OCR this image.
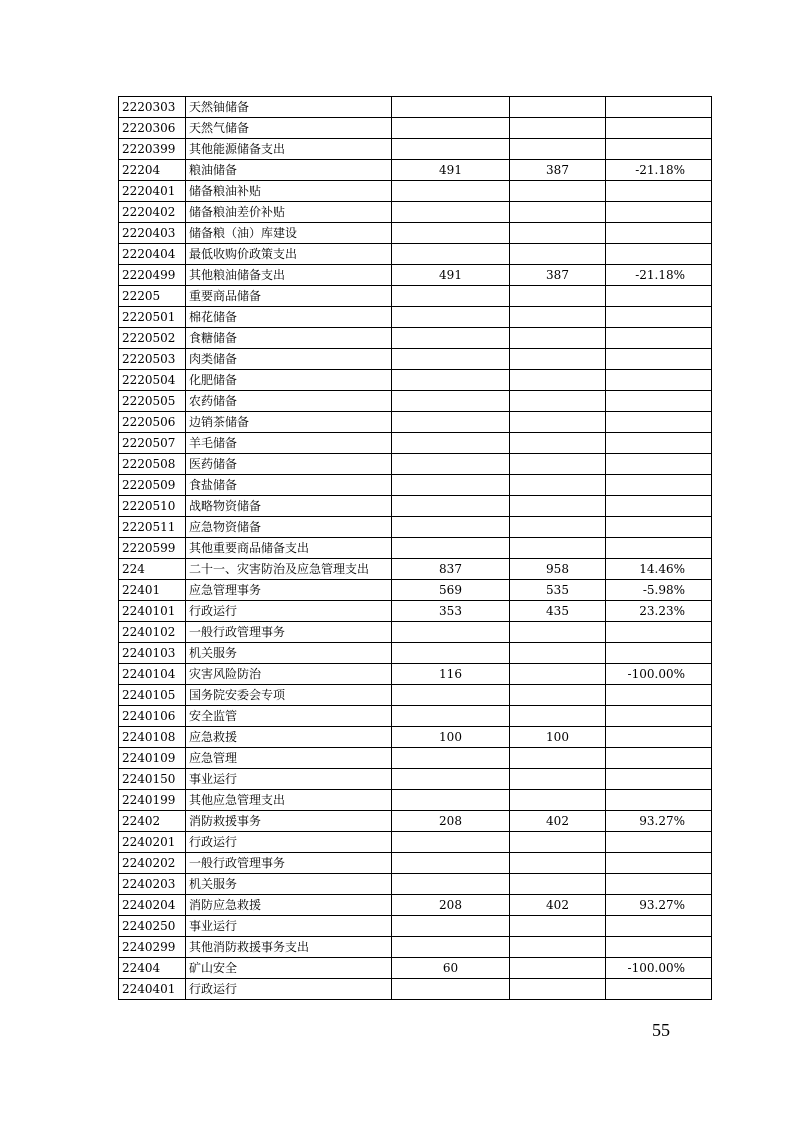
2220303	天然铀储备			
2220306	天然气储备			
2220399	其他能源储备支出			
22204	粮油储备	491	387	-21.18%
2220401	储备粮油补贴			
2220402	储备粮油差价补贴			
2220403	储备粮（油）库建设			
2220404	最低收购价政策支出			
2220499	其他粮油储备支出	491	387	-21.18%
22205	重要商品储备			
2220501	棉花储备			
2220502	食糖储备			
2220503	肉类储备			
2220504	化肥储备			
2220505	农药储备			
2220506	边销茶储备			
2220507	羊毛储备			
2220508	医药储备			
2220509	食盐储备			
2220510	战略物资储备			
2220511	应急物资储备			
2220599	其他重要商品储备支出			
224	二十一、灾害防治及应急管理支出	837	958	14.46%
22401	应急管理事务	569	535	-5.98%
2240101	行政运行	353	435	23.23%
2240102	一般行政管理事务			
2240103	机关服务			
2240104	灾害风险防治	116		-100.00%
2240105	国务院安委会专项			
2240106	安全监管			
2240108	应急救援	100	100	
2240109	应急管理			
2240150	事业运行			
2240199	其他应急管理支出			
22402	消防救援事务	208	402	93.27%
2240201	行政运行			
2240202	一般行政管理事务			
2240203	机关服务			
2240204	消防应急救援	208	402	93.27%
2240250	事业运行			
2240299	其他消防救援事务支出			
22404	矿山安全	60		-100.00%
2240401	行政运行			
55
